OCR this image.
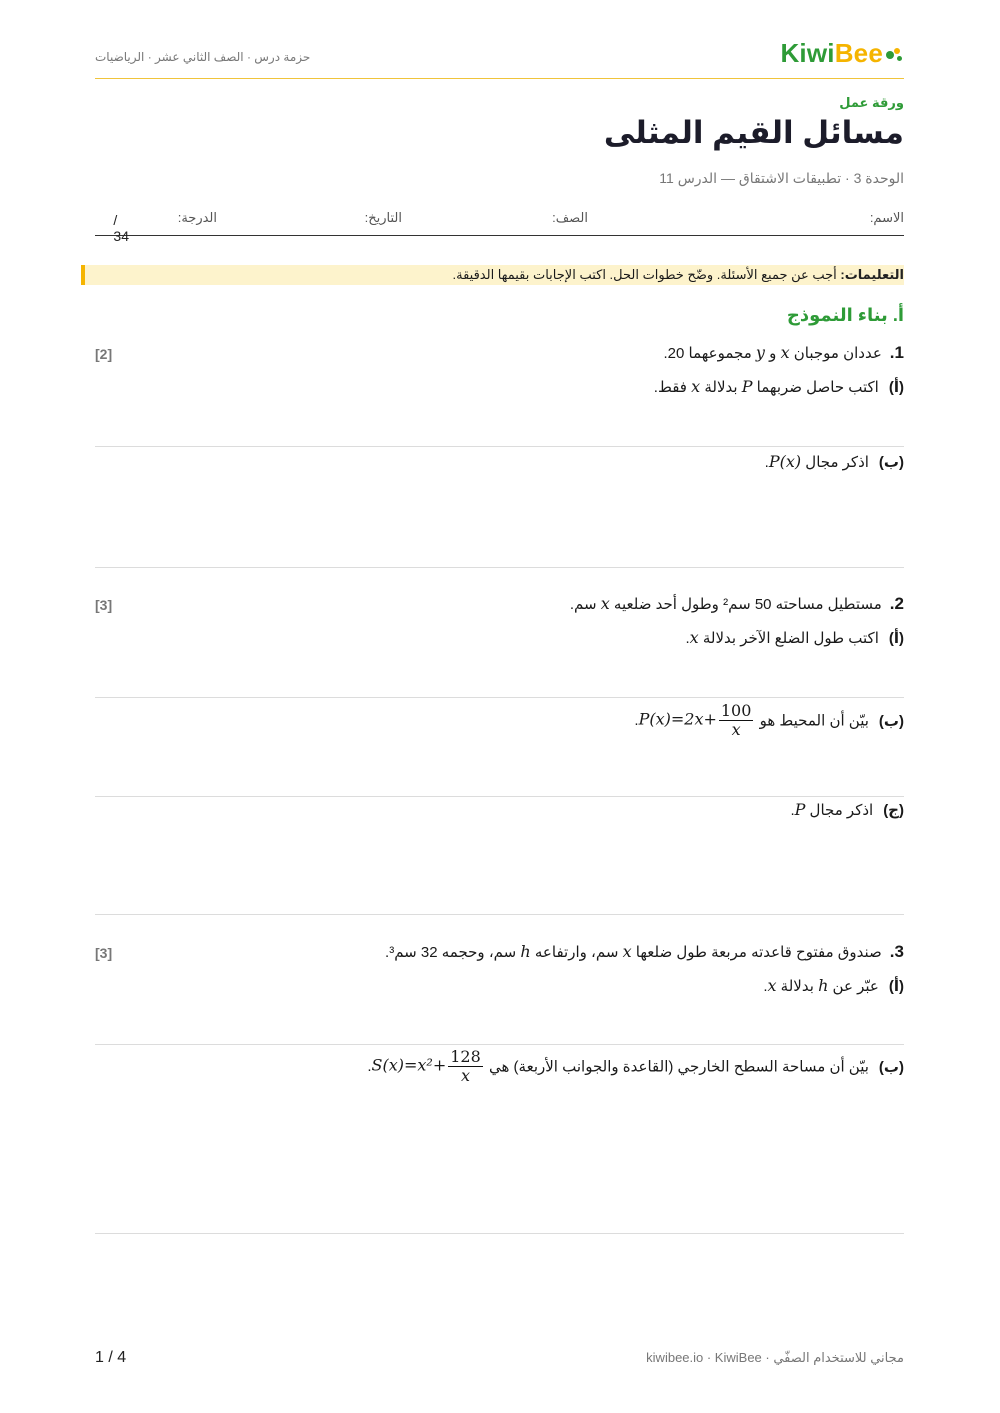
KiwiBee
حزمة درس · الصف الثاني عشر · الرياضيات
ورقة عمل
مسائل القيم المثلى
الوحدة 3 · تطبيقات الاشتقاق — الدرس 11
الاسم:
الصف:
التاريخ:
الدرجة:
/ 34
التعليمات: أجب عن جميع الأسئلة. وضّح خطوات الحل. اكتب الإجابات بقيمها الدقيقة.
أ. بناء النموذج
1.عددان موجبان x و y مجموعهما 20.
[2]
(أ)اكتب حاصل ضربهما P بدلالة x فقط.
(ب)اذكر مجال P(x).
2.مستطيل مساحته 50 سم² وطول أحد ضلعيه x سم.
[3]
(أ)اكتب طول الضلع الآخر بدلالة x.
(ب)بيّن أن المحيط هو $P(x)=2x+ \frac{100}{x}$
.
(ج)اذكر مجال P.
3.صندوق مفتوح قاعدته مربعة طول ضلعها x سم، وارتفاعه h سم، وحجمه 32 سم³.
[3]
(أ)عبّر عن h بدلالة x.
(ب)بيّن أن مساحة السطح الخارجي (القاعدة والجوانب الأربعة) هي $S(x)=x^2+ \frac{128}{x}$
.
1 / 4	kiwibee.io · KiwiBee · مجاني للاستخدام الصفّي
